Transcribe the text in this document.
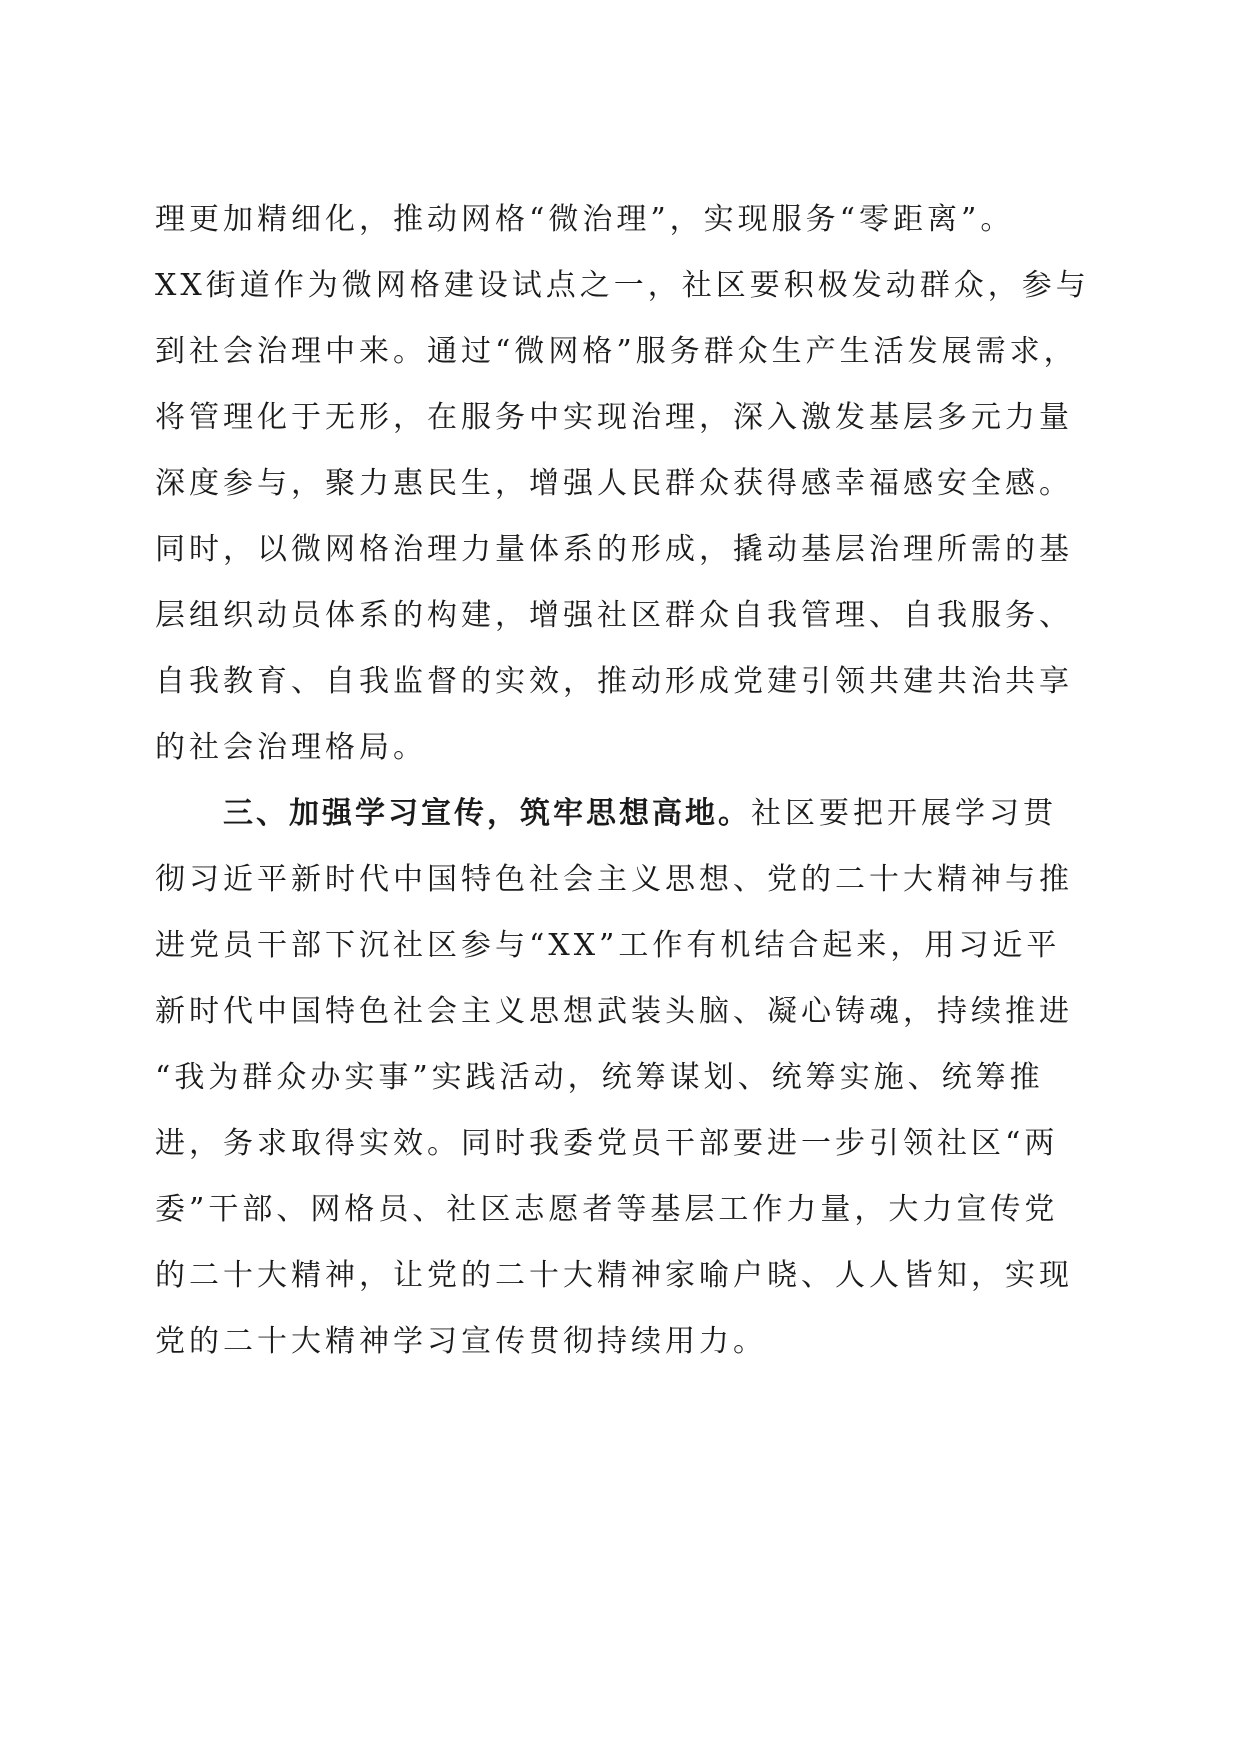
理更加精细化，推动网格“微治理”，实现服务“零距离”。
XX街道作为微网格建设试点之一，社区要积极发动群众，参与
到社会治理中来。通过“微网格”服务群众生产生活发展需求，
将管理化于无形，在服务中实现治理，深入激发基层多元力量
深度参与，聚力惠民生，增强人民群众获得感幸福感安全感。
同时，以微网格治理力量体系的形成，撬动基层治理所需的基
层组织动员体系的构建，增强社区群众自我管理、自我服务、
自我教育、自我监督的实效，推动形成党建引领共建共治共享
的社会治理格局。
三、加强学习宣传，筑牢思想高地。社区要把开展学习贯
彻习近平新时代中国特色社会主义思想、党的二十大精神与推
进党员干部下沉社区参与“XX”工作有机结合起来，用习近平
新时代中国特色社会主义思想武装头脑、凝心铸魂，持续推进
“我为群众办实事”实践活动，统筹谋划、统筹实施、统筹推
进，务求取得实效。同时我委党员干部要进一步引领社区“两
委”干部、网格员、社区志愿者等基层工作力量，大力宣传党
的二十大精神，让党的二十大精神家喻户晓、人人皆知，实现
党的二十大精神学习宣传贯彻持续用力。
